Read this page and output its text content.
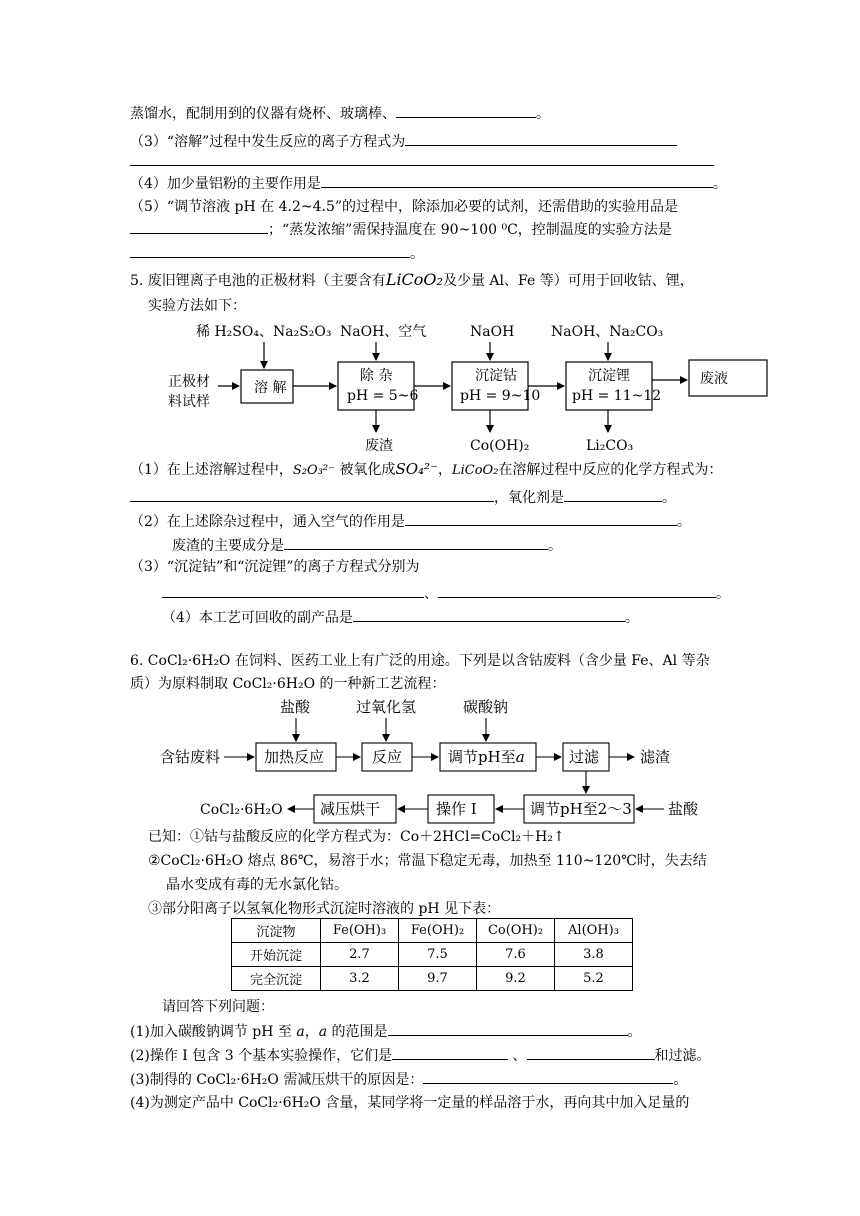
蒸馏水，配制用到的仪器有烧杯、玻璃棒、	。
（3）“溶解”过程中发生反应的离子方程式为
（4）加少量铝粉的主要作用是	。
（5）“调节溶液 pH 在 4.2~4.5”的过程中，除添加必要的试剂，还需借助的实验用品是
；“蒸发浓缩”需保持温度在 90~100 ⁰C，控制温度的实验方法是
。
5. 废旧锂离子电池的正极材料（主要含有LiCoO₂及少量 Al、Fe 等）可用于回收钴、锂，
实验方法如下：
稀 H₂SO₄、Na₂S₂O₃ NaOH、空气	NaOH	NaOH、Na₂CO₃
正极材
料试样
溶 解
除 杂
pH = 5~6
沉淀钴
pH = 9~10
沉淀锂
pH = 11~12
废液
废渣	Co(OH)₂	Li₂CO₃
（1）在上述溶解过程中，S₂O₃²⁻ 被氧化成SO₄²⁻，LiCoO₂在溶解过程中反应的化学方程式为：
，氧化剂是	。
（2）在上述除杂过程中，通入空气的作用是	。
废渣的主要成分是	。
（3）“沉淀钴”和“沉淀锂”的离子方程式分别为
、	。
（4）本工艺可回收的副产品是	。
6. CoCl₂·6H₂O 在饲料、医药工业上有广泛的用途。下列是以含钴废料（含少量 Fe、Al 等杂
质）为原料制取 CoCl₂·6H₂O 的一种新工艺流程：
盐酸	过氧化氢	碳酸钠
含钴废料	加热反应	反应	调节pH至a	过滤	滤渣
CoCl₂·6H₂O 减压烘干	操作 I	调节pH至2～3 盐酸
已知：①钴与盐酸反应的化学方程式为：Co＋2HCl=CoCl₂＋H₂↑
②CoCl₂·6H₂O 熔点 86℃，易溶于水；常温下稳定无毒，加热至 110~120℃时，失去结
晶水变成有毒的无水氯化钴。
③部分阳离子以氢氧化物形式沉淀时溶液的 pH 见下表：
沉淀物	Fe(OH)₃	Fe(OH)₂	Co(OH)₂	Al(OH)₃
开始沉淀	2.7	7.5	7.6	3.8
完全沉淀	3.2	9.7	9.2	5.2
请回答下列问题：
(1)加入碳酸钠调节 pH 至 a，a 的范围是	。
(2)操作 I 包含 3 个基本实验操作，它们是	、	和过滤。
(3)制得的 CoCl₂·6H₂O 需减压烘干的原因是：	。
(4)为测定产品中 CoCl₂·6H₂O 含量，某同学将一定量的样品溶于水，再向其中加入足量的
